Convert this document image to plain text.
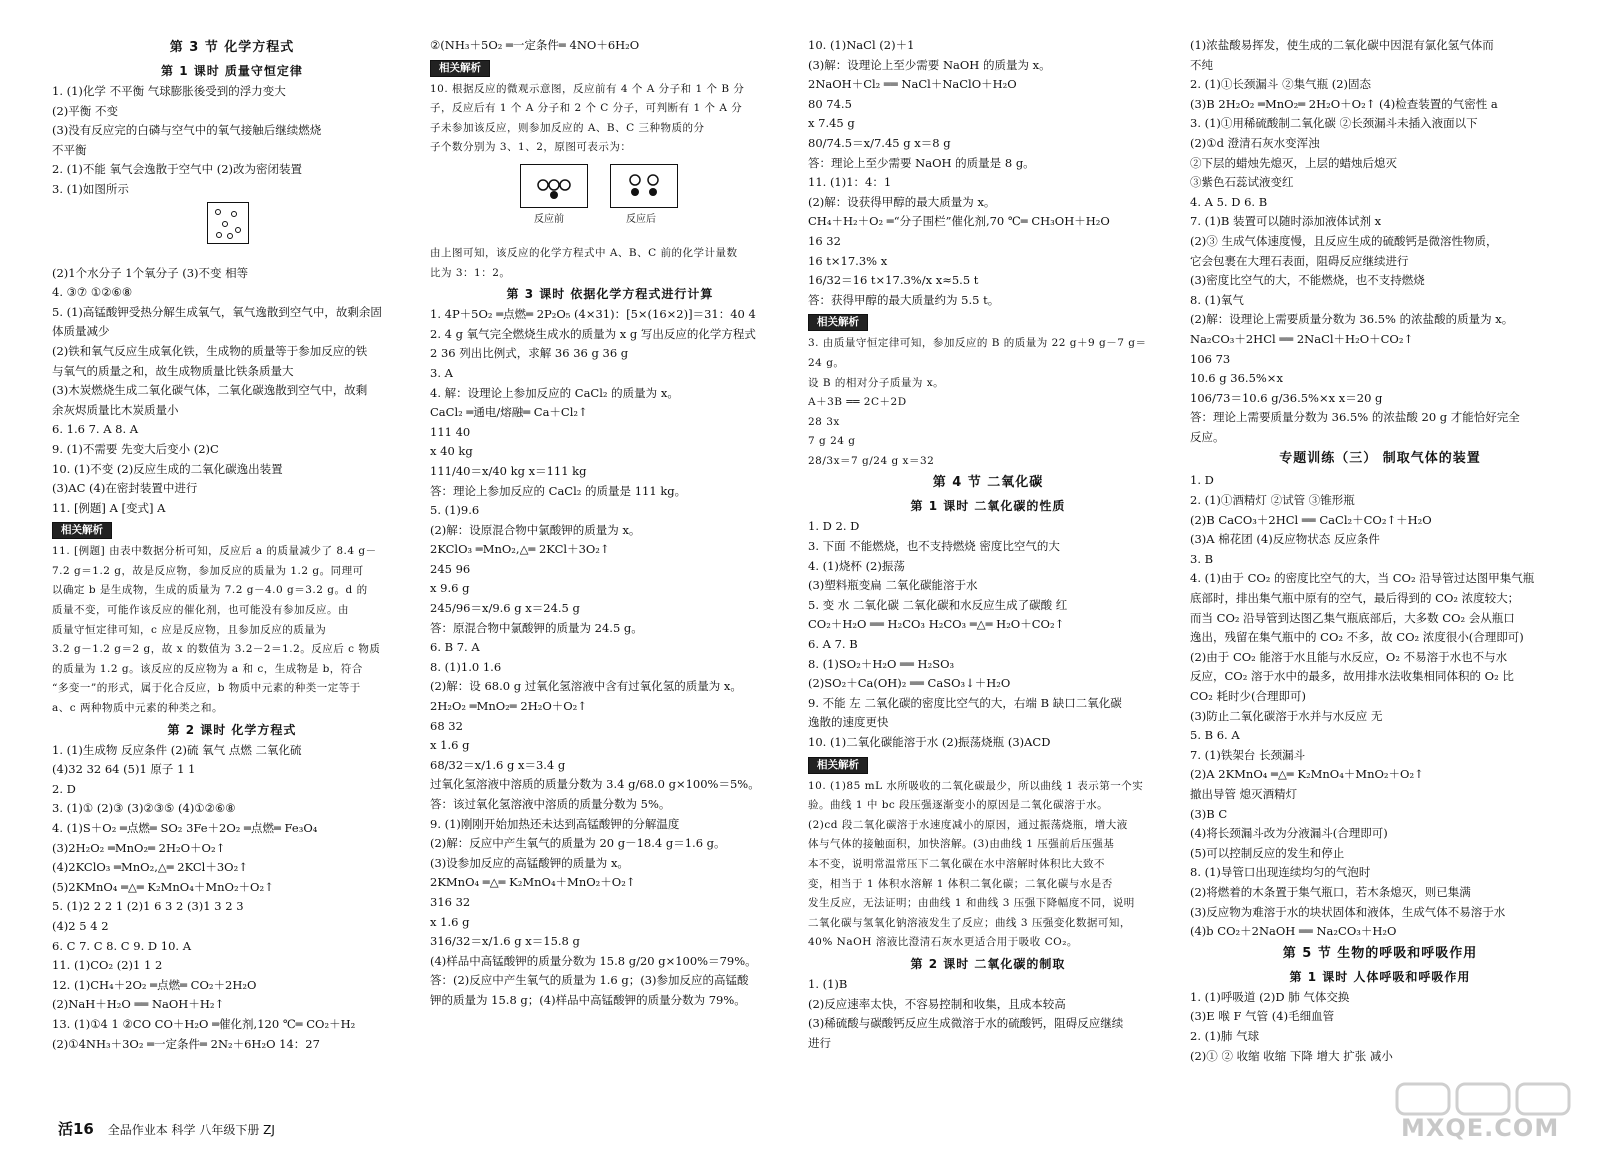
第 3 节 化学方程式
第 1 课时 质量守恒定律
1. (1)化学 不平衡 气球膨胀後受到的浮力变大
(2)平衡 不变
(3)没有反应完的白磷与空气中的氧气接触后继续燃烧
不平衡
2. (1)不能 氧气会逸散于空气中 (2)改为密闭装置
3. (1)如图所示
(2)1个水分子 1个氧分子 (3)不变 相等
4. ③⑦ ①②⑥⑧
5. (1)高锰酸钾受热分解生成氧气，氧气逸散到空气中，故剩余固
体质量减少
(2)铁和氧气反应生成氧化铁，生成物的质量等于参加反应的铁
与氧气的质量之和，故生成物质量比铁条质量大
(3)木炭燃烧生成二氧化碳气体，二氧化碳逸散到空气中，故剩
余灰烬质量比木炭质量小
6. 1.6 7. A 8. A
9. (1)不需要 先变大后变小 (2)C
10. (1)不变 (2)反应生成的二氧化碳逸出装置
(3)AC (4)在密封装置中进行
11. [例题] A [变式] A
相关解析
11. [例题] 由表中数据分析可知，反应后 a 的质量减少了 8.4 g－
7.2 g＝1.2 g，故是反应物，参加反应的质量为 1.2 g。同理可
以确定 b 是生成物，生成的质量为 7.2 g－4.0 g＝3.2 g。d 的
质量不变，可能作该反应的催化剂，也可能没有参加反应。由
质量守恒定律可知，c 应是反应物，且参加反应的质量为
3.2 g－1.2 g＝2 g，故 x 的数值为 3.2－2＝1.2。反应后 c 物质
的质量为 1.2 g。该反应的反应物为 a 和 c，生成物是 b，符合
“多变一”的形式，属于化合反应，b 物质中元素的种类一定等于
a、c 两种物质中元素的种类之和。
第 2 课时 化学方程式
1. (1)生成物 反应条件 (2)硫 氧气 点燃 二氧化硫
(4)32 32 64 (5)1 原子 1 1
2. D
3. (1)① (2)③ (3)②③⑤ (4)①②⑥⑧
4. (1)S＋O₂ ═点燃═ SO₂ 3Fe＋2O₂ ═点燃═ Fe₃O₄
(3)2H₂O₂ ═MnO₂═ 2H₂O＋O₂↑
(4)2KClO₃ ═MnO₂,△═ 2KCl＋3O₂↑
(5)2KMnO₄ ═△═ K₂MnO₄＋MnO₂＋O₂↑
5. (1)2 2 2 1 (2)1 6 3 2 (3)1 3 2 3
(4)2 5 4 2
6. C 7. C 8. C 9. D 10. A
11. (1)CO₂ (2)1 1 2
12. (1)CH₄＋2O₂ ═点燃═ CO₂＋2H₂O
(2)NaH＋H₂O ══ NaOH＋H₂↑
13. (1)①4 1 ②CO CO＋H₂O ═催化剂,120 ℃═ CO₂＋H₂
(2)①4NH₃＋3O₂ ═一定条件═ 2N₂＋6H₂O 14：27
②(NH₃＋5O₂ ═一定条件═ 4NO＋6H₂O
相关解析
10. 根据反应的微观示意图，反应前有 4 个 A 分子和 1 个 B 分
子，反应后有 1 个 A 分子和 2 个 C 分子，可判断有 1 个 A 分
子未参加该反应，则参加反应的 A、B、C 三种物质的分
子个数分别为 3、1、2，原图可表示为：
反应前	反应后
由上图可知，该反应的化学方程式中 A、B、C 前的化学计量数
比为 3：1：2。
第 3 课时 依据化学方程式进行计算
1. 4P＋5O₂ ═点燃═ 2P₂O₅ (4×31)：[5×(16×2)]＝31：40 4
2. 4 g 氧气完全燃烧生成水的质量为 x g 写出反应的化学方程式
2 36 列出比例式，求解 36 36 g 36 g
3. A
4. 解：设理论上参加反应的 CaCl₂ 的质量为 x。
CaCl₂ ═通电/熔融═ Ca＋Cl₂↑
111 40
x 40 kg
111/40＝x/40 kg x＝111 kg
答：理论上参加反应的 CaCl₂ 的质量是 111 kg。
5. (1)9.6
(2)解：设原混合物中氯酸钾的质量为 x。
2KClO₃ ═MnO₂,△═ 2KCl＋3O₂↑
245 96
x 9.6 g
245/96＝x/9.6 g x＝24.5 g
答：原混合物中氯酸钾的质量为 24.5 g。
6. B 7. A
8. (1)1.0 1.6
(2)解：设 68.0 g 过氧化氢溶液中含有过氧化氢的质量为 x。
2H₂O₂ ═MnO₂═ 2H₂O＋O₂↑
68 32
x 1.6 g
68/32＝x/1.6 g x＝3.4 g
过氧化氢溶液中溶质的质量分数为 3.4 g/68.0 g×100%＝5%。
答：该过氧化氢溶液中溶质的质量分数为 5%。
9. (1)刚刚开始加热还未达到高锰酸钾的分解温度
(2)解：反应中产生氧气的质量为 20 g－18.4 g＝1.6 g。
(3)设参加反应的高锰酸钾的质量为 x。
2KMnO₄ ═△═ K₂MnO₄＋MnO₂＋O₂↑
316 32
x 1.6 g
316/32＝x/1.6 g x＝15.8 g
(4)样品中高锰酸钾的质量分数为 15.8 g/20 g×100%＝79%。
答：(2)反应中产生氧气的质量为 1.6 g；(3)参加反应的高锰酸
钾的质量为 15.8 g；(4)样品中高锰酸钾的质量分数为 79%。
10. (1)NaCl (2)＋1
(3)解：设理论上至少需要 NaOH 的质量为 x。
2NaOH＋Cl₂ ══ NaCl＋NaClO＋H₂O
80 74.5
x 7.45 g
80/74.5＝x/7.45 g x＝8 g
答：理论上至少需要 NaOH 的质量是 8 g。
11. (1)1：4：1
(2)解：设获得甲醇的最大质量为 x。
CH₄＋H₂＋O₂ ═“分子围栏”催化剂,70 ℃═ CH₃OH＋H₂O
16 32
16 t×17.3% x
16/32＝16 t×17.3%/x x≈5.5 t
答：获得甲醇的最大质量约为 5.5 t。
相关解析
3. 由质量守恒定律可知，参加反应的 B 的质量为 22 g＋9 g－7 g＝
24 g。
设 B 的相对分子质量为 x。
A＋3B ══ 2C＋2D
28 3x
7 g 24 g
28/3x＝7 g/24 g x＝32
第 4 节 二氧化碳
第 1 课时 二氧化碳的性质
1. D 2. D
3. 下面 不能燃烧，也不支持燃烧 密度比空气的大
4. (1)烧杯 (2)振荡
(3)塑料瓶变扁 二氧化碳能溶于水
5. 变 水 二氧化碳 二氧化碳和水反应生成了碳酸 红
CO₂＋H₂O ══ H₂CO₃ H₂CO₃ ═△═ H₂O＋CO₂↑
6. A 7. B
8. (1)SO₂＋H₂O ══ H₂SO₃
(2)SO₂＋Ca(OH)₂ ══ CaSO₃↓＋H₂O
9. 不能 左 二氧化碳的密度比空气的大，右端 B 缺口二氧化碳
逸散的速度更快
10. (1)二氧化碳能溶于水 (2)振荡烧瓶 (3)ACD
相关解析
10. (1)85 mL 水所吸收的二氧化碳最少，所以曲线 1 表示第一个实
验。曲线 1 中 bc 段压强逐渐变小的原因是二氧化碳溶于水。
(2)cd 段二氧化碳溶于水速度减小的原因，通过振荡烧瓶，增大液
体与气体的接触面积，加快溶解。(3)由曲线 1 压强前后压强基
本不变，说明常温常压下二氧化碳在水中溶解时体积比大致不
变，相当于 1 体积水溶解 1 体积二氧化碳；二氧化碳与水是否
发生反应，无法证明；由曲线 1 和曲线 3 压强下降幅度不同，说明
二氧化碳与氢氧化钠溶液发生了反应；曲线 3 压强变化数据可知，
40% NaOH 溶液比澄清石灰水更适合用于吸收 CO₂。
第 2 课时 二氧化碳的制取
1. (1)B
(2)反应速率太快，不容易控制和收集，且成本较高
(3)稀硫酸与碳酸钙反应生成微溶于水的硫酸钙，阻碍反应继续
进行
(1)浓盐酸易挥发，使生成的二氧化碳中因混有氯化氢气体而
不纯
2. (1)①长颈漏斗 ②集气瓶 (2)固态
(3)B 2H₂O₂ ═MnO₂═ 2H₂O＋O₂↑ (4)检查装置的气密性 a
3. (1)①用稀硫酸制二氧化碳 ②长颈漏斗未插入液面以下
(2)①d 澄清石灰水变浑浊
②下层的蜡烛先熄灭，上层的蜡烛后熄灭
③紫色石蕊试液变红
4. A 5. D 6. B
7. (1)B 装置可以随时添加液体试剂 x
(2)③ 生成气体速度慢，且反应生成的硫酸钙是微溶性物质，
它会包裹在大理石表面，阻碍反应继续进行
(3)密度比空气的大，不能燃烧，也不支持燃烧
8. (1)氧气
(2)解：设理论上需要质量分数为 36.5% 的浓盐酸的质量为 x。
Na₂CO₃＋2HCl ══ 2NaCl＋H₂O＋CO₂↑
106 73
10.6 g 36.5%×x
106/73＝10.6 g/36.5%×x x＝20 g
答：理论上需要质量分数为 36.5% 的浓盐酸 20 g 才能恰好完全
反应。
专题训练（三） 制取气体的装置
1. D
2. (1)①酒精灯 ②试管 ③锥形瓶
(2)B CaCO₃＋2HCl ══ CaCl₂＋CO₂↑＋H₂O
(3)A 棉花团 (4)反应物状态 反应条件
3. B
4. (1)由于 CO₂ 的密度比空气的大，当 CO₂ 沿导管过达图甲集气瓶
底部时，排出集气瓶中原有的空气，最后得到的 CO₂ 浓度较大；
而当 CO₂ 沿导管到达图乙集气瓶底部后，大多数 CO₂ 会从瓶口
逸出，残留在集气瓶中的 CO₂ 不多，故 CO₂ 浓度很小(合理即可)
(2)由于 CO₂ 能溶于水且能与水反应，O₂ 不易溶于水也不与水
反应，CO₂ 溶于水中的最多，故用排水法收集相同体积的 O₂ 比
CO₂ 耗时少(合理即可)
(3)防止二氧化碳溶于水并与水反应 无
5. B 6. A
7. (1)铁架台 长颈漏斗
(2)A 2KMnO₄ ═△═ K₂MnO₄＋MnO₂＋O₂↑
撤出导管 熄灭酒精灯
(3)B C
(4)将长颈漏斗改为分液漏斗(合理即可)
(5)可以控制反应的发生和停止
8. (1)导管口出现连续均匀的气泡时
(2)将燃着的木条置于集气瓶口，若木条熄灭，则已集满
(3)反应物为难溶于水的块状固体和液体，生成气体不易溶于水
(4)b CO₂＋2NaOH ══ Na₂CO₃＋H₂O
第 5 节 生物的呼吸和呼吸作用
第 1 课时 人体呼吸和呼吸作用
1. (1)呼吸道 (2)D 肺 气体交换
(3)E 喉 F 气管 (4)毛细血管
2. (1)肺 气球
(2)① ② 收缩 收缩 下降 增大 扩张 减小
活16 全品作业本 科学 八年级下册 ZJ	MXQE.COM
